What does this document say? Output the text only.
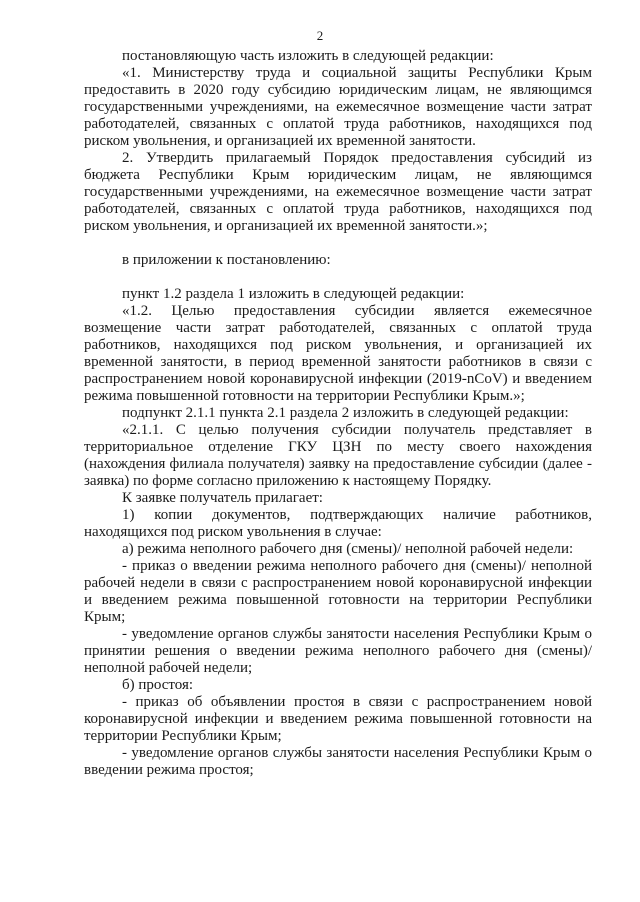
2

постановляющую часть изложить в следующей редакции:

«1. Министерству труда и социальной защиты Республики Крым предоставить в 2020 году субсидию юридическим лицам, не являющимся государственными учреждениями, на ежемесячное возмещение части затрат работодателей, связанных с оплатой труда работников, находящихся под риском увольнения, и организацией их временной занятости.

2. Утвердить прилагаемый Порядок предоставления субсидий из бюджета Республики Крым юридическим лицам, не являющимся государственными учреждениями, на ежемесячное возмещение части затрат работодателей, связанных с оплатой труда работников, находящихся под риском увольнения, и организацией их временной занятости.»;

в приложении к постановлению:

пункт 1.2 раздела 1 изложить в следующей редакции:

«1.2. Целью предоставления субсидии является ежемесячное возмещение части затрат работодателей, связанных с оплатой труда работников, находящихся под риском увольнения, и организацией их временной занятости, в период временной занятости работников в связи с распространением новой коронавирусной инфекции (2019-nCoV) и введением режима повышенной готовности на территории Республики Крым.»;

подпункт 2.1.1 пункта 2.1 раздела 2 изложить в следующей редакции:

«2.1.1. С целью получения субсидии получатель представляет в территориальное отделение ГКУ ЦЗН по месту своего нахождения (нахождения филиала получателя) заявку на предоставление субсидии (далее - заявка) по форме согласно приложению к настоящему Порядку.

К заявке получатель прилагает:

1) копии документов, подтверждающих наличие работников, находящихся под риском увольнения в случае:

а) режима неполного рабочего дня (смены)/ неполной рабочей недели:

- приказ о введении режима неполного рабочего дня (смены)/ неполной рабочей недели в связи с распространением новой коронавирусной инфекции и введением режима повышенной готовности на территории Республики Крым;

- уведомление органов службы занятости населения Республики Крым о принятии решения о введении режима неполного рабочего дня (смены)/ неполной рабочей недели;

б) простоя:

- приказ об объявлении простоя в связи с распространением новой коронавирусной инфекции и введением режима повышенной готовности на территории Республики Крым;

- уведомление органов службы занятости населения Республики Крым о введении режима простоя;
